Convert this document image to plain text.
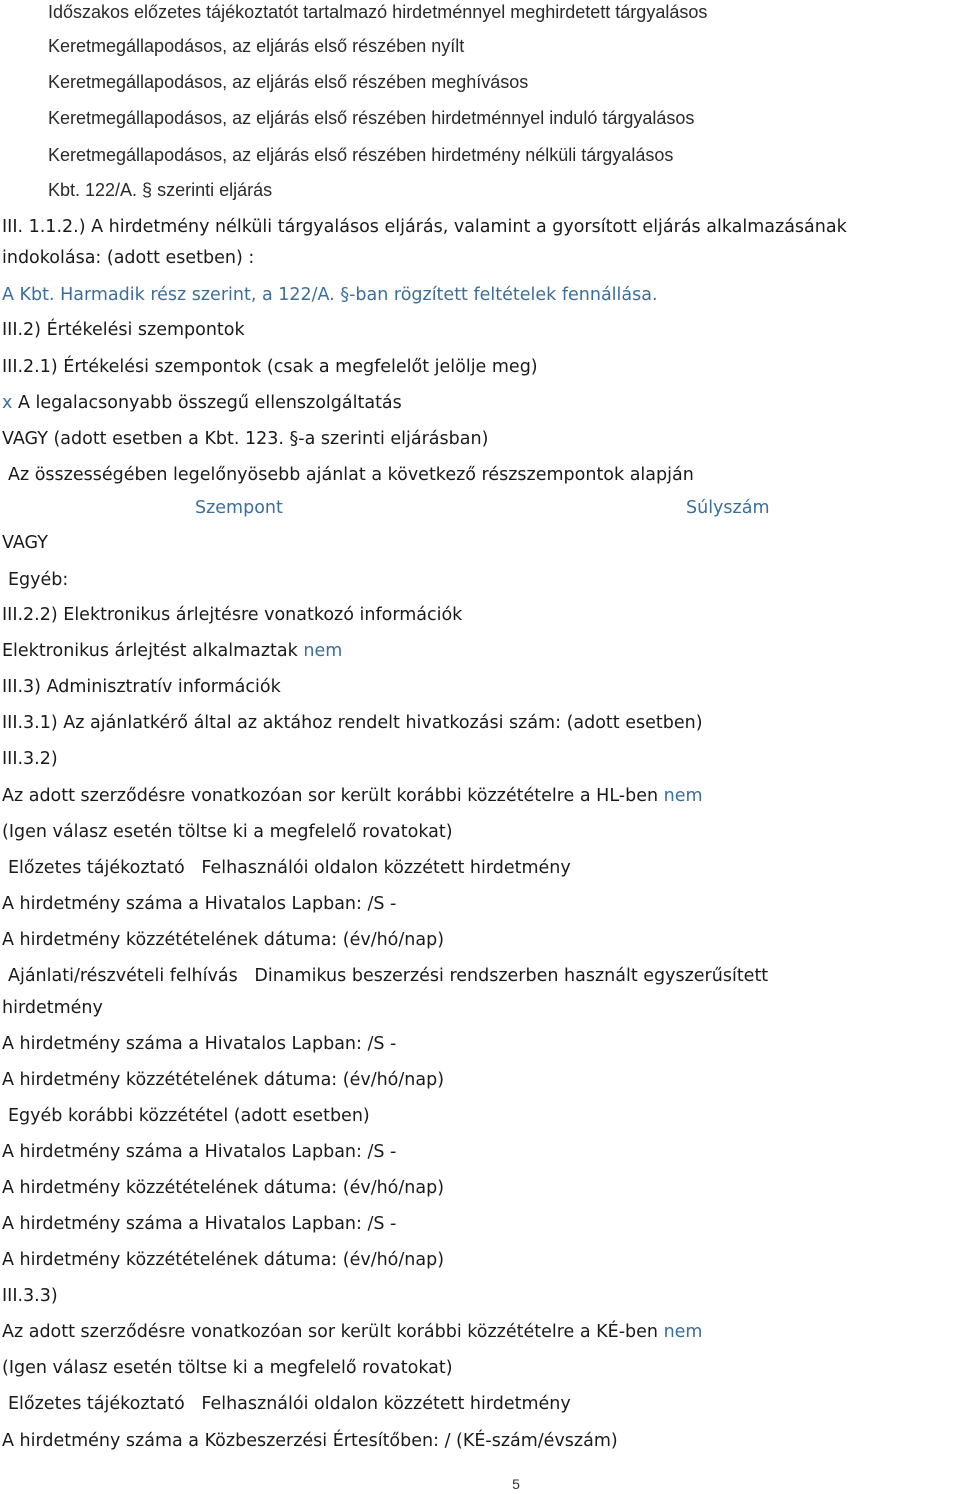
Időszakos előzetes tájékoztatót tartalmazó hirdetménnyel meghirdetett tárgyalásos
Keretmegállapodásos, az eljárás első részében nyílt
Keretmegállapodásos, az eljárás első részében meghívásos
Keretmegállapodásos, az eljárás első részében hirdetménnyel induló tárgyalásos
Keretmegállapodásos, az eljárás első részében hirdetmény nélküli tárgyalásos
Kbt. 122/A. § szerinti eljárás
III. 1.1.2.) A hirdetmény nélküli tárgyalásos eljárás, valamint a gyorsított eljárás alkalmazásának
indokolása: (adott esetben) :
A Kbt. Harmadik rész szerint, a 122/A. §-ban rögzített feltételek fennállása.
III.2) Értékelési szempontok
III.2.1) Értékelési szempontok (csak a megfelelőt jelölje meg)
x A legalacsonyabb összegű ellenszolgáltatás
VAGY (adott esetben a Kbt. 123. §-a szerinti eljárásban)
Az összességében legelőnyösebb ajánlat a következő részszempontok alapján
Szempont	Súlyszám
VAGY
Egyéb:
III.2.2) Elektronikus árlejtésre vonatkozó információk
Elektronikus árlejtést alkalmaztak nem
III.3) Adminisztratív információk
III.3.1) Az ajánlatkérő által az aktához rendelt hivatkozási szám: (adott esetben)
III.3.2)
Az adott szerződésre vonatkozóan sor került korábbi közzétételre a HL-ben nem
(Igen válasz esetén töltse ki a megfelelő rovatokat)
Előzetes tájékoztató   Felhasználói oldalon közzétett hirdetmény
A hirdetmény száma a Hivatalos Lapban: /S -
A hirdetmény közzétételének dátuma: (év/hó/nap)
Ajánlati/részvételi felhívás   Dinamikus beszerzési rendszerben használt egyszerűsített
hirdetmény
A hirdetmény száma a Hivatalos Lapban: /S -
A hirdetmény közzétételének dátuma: (év/hó/nap)
Egyéb korábbi közzététel (adott esetben)
A hirdetmény száma a Hivatalos Lapban: /S -
A hirdetmény közzétételének dátuma: (év/hó/nap)
A hirdetmény száma a Hivatalos Lapban: /S -
A hirdetmény közzétételének dátuma: (év/hó/nap)
III.3.3)
Az adott szerződésre vonatkozóan sor került korábbi közzétételre a KÉ-ben nem
(Igen válasz esetén töltse ki a megfelelő rovatokat)
Előzetes tájékoztató   Felhasználói oldalon közzétett hirdetmény
A hirdetmény száma a Közbeszerzési Értesítőben: / (KÉ-szám/évszám)
5
